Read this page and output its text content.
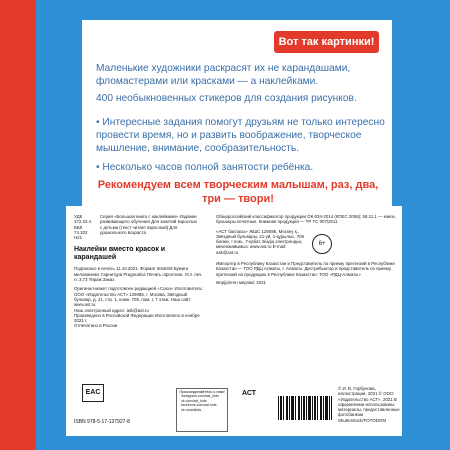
Вот так картинки!
Маленькие художники раскрасят их не карандашами, фломастерами или красками — а наклейками.
400 необыкновенных стикеров для создания рисунков.
• Интересные задания помогут друзьям не только интересно провести время, но и развить воображение, творческое мышление, внимание, сообразительность.
• Несколько часов полной занятости ребёнка.
Рекомендуем всем творческим малышам, раз, два, три — твори!
УДК 372.32.4 ББК 74.102 Н21
Серия «Большая книга с наклейками» Издание развивающего обучения Для занятий взрослых с детьми (текст читает взрослый) Для дошкольного возраста
Наклейки вместо красок и карандашей
Подписано в печать 11.10.2021. Формат 60x84/8 Бумага мелованная. Гарнитура Pragmatica Печать офсетная. Усл. печ. л. 3,72 Тираж Заказ
Оригинал-макет подготовлен редакцией «Союз» Изготовитель: ООО «Издательство АСТ» 129085, г. Москва, Звёздный бульвар, д. 21, стр. 1, комн. 705, пом. I, 7 этаж. Наш сайт: www.ast.ru
Наш электронный адрес: ask@ast.ru
Произведено в Российской Федерации Изготовлено в ноябре 2021 г.
Отпечатано в России
Общероссийский классификатор продукции ОК-034-2014 (КПЕС 2008); 58.11.1 — книги, брошюры печатные. Книжная продукция — ТР ТС 007/2011
«АСТ баспасы» ЖШС 129085, Мәскеу қ., Звёздный бульвары, 21-үй, 1-құрылыс, 705 бөлме, I пом., 7-қабат. Біздің электрондық мекенжайымыз: www.ast.ru E-mail: ask@ast.ru
Импортер в Республику Казахстан и Представитель по приему претензий в Республике Казахстан — ТОО РДЦ Алматы, г. Алматы. Дистрибьютор и представитель по приему претензий на продукцию в Республике Казахстан: ТОО «РДЦ-Алматы»
Өндірілген мерзімі: 2021
6+
EAC	Присоединяйтесь к нам!
instagram.com/ast_kids
vk.com/ast_kids
facebook.com/ast.kids
ok.ru/astkids
АСТ
© И. В. Горбунова, иллюстрации, 2021 © ООО «Издательство АСТ», 2021 В оформлении использованы материалы, предоставленные фотобанком Shutterstock/FOTODOM
ISBN 978-5-17-137927-8
